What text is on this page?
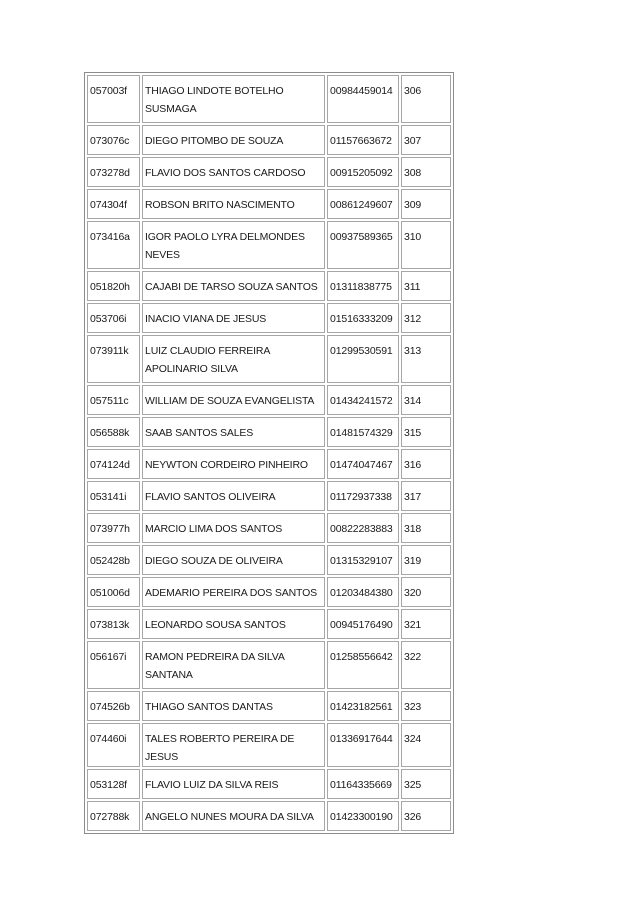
057003f	THIAGO LINDOTE BOTELHO SUSMAGA	00984459014	306
073076c	DIEGO PITOMBO DE SOUZA	01157663672	307
073278d	FLAVIO DOS SANTOS CARDOSO	00915205092	308
074304f	ROBSON BRITO NASCIMENTO	00861249607	309
073416a	IGOR PAOLO LYRA DELMONDES NEVES	00937589365	310
051820h	CAJABI DE TARSO SOUZA SANTOS	01311838775	311
053706i	INACIO VIANA DE JESUS	01516333209	312
073911k	LUIZ CLAUDIO FERREIRA APOLINARIO SILVA	01299530591	313
057511c	WILLIAM DE SOUZA EVANGELISTA	01434241572	314
056588k	SAAB SANTOS SALES	01481574329	315
074124d	NEYWTON CORDEIRO PINHEIRO	01474047467	316
053141i	FLAVIO SANTOS OLIVEIRA	01172937338	317
073977h	MARCIO LIMA DOS SANTOS	00822283883	318
052428b	DIEGO SOUZA DE OLIVEIRA	01315329107	319
051006d	ADEMARIO PEREIRA DOS SANTOS	01203484380	320
073813k	LEONARDO SOUSA SANTOS	00945176490	321
056167i	RAMON PEDREIRA DA SILVA SANTANA	01258556642	322
074526b	THIAGO SANTOS DANTAS	01423182561	323
074460i	TALES ROBERTO PEREIRA DE JESUS	01336917644	324
053128f	FLAVIO LUIZ DA SILVA REIS	01164335669	325
072788k	ANGELO NUNES MOURA DA SILVA	01423300190	326
